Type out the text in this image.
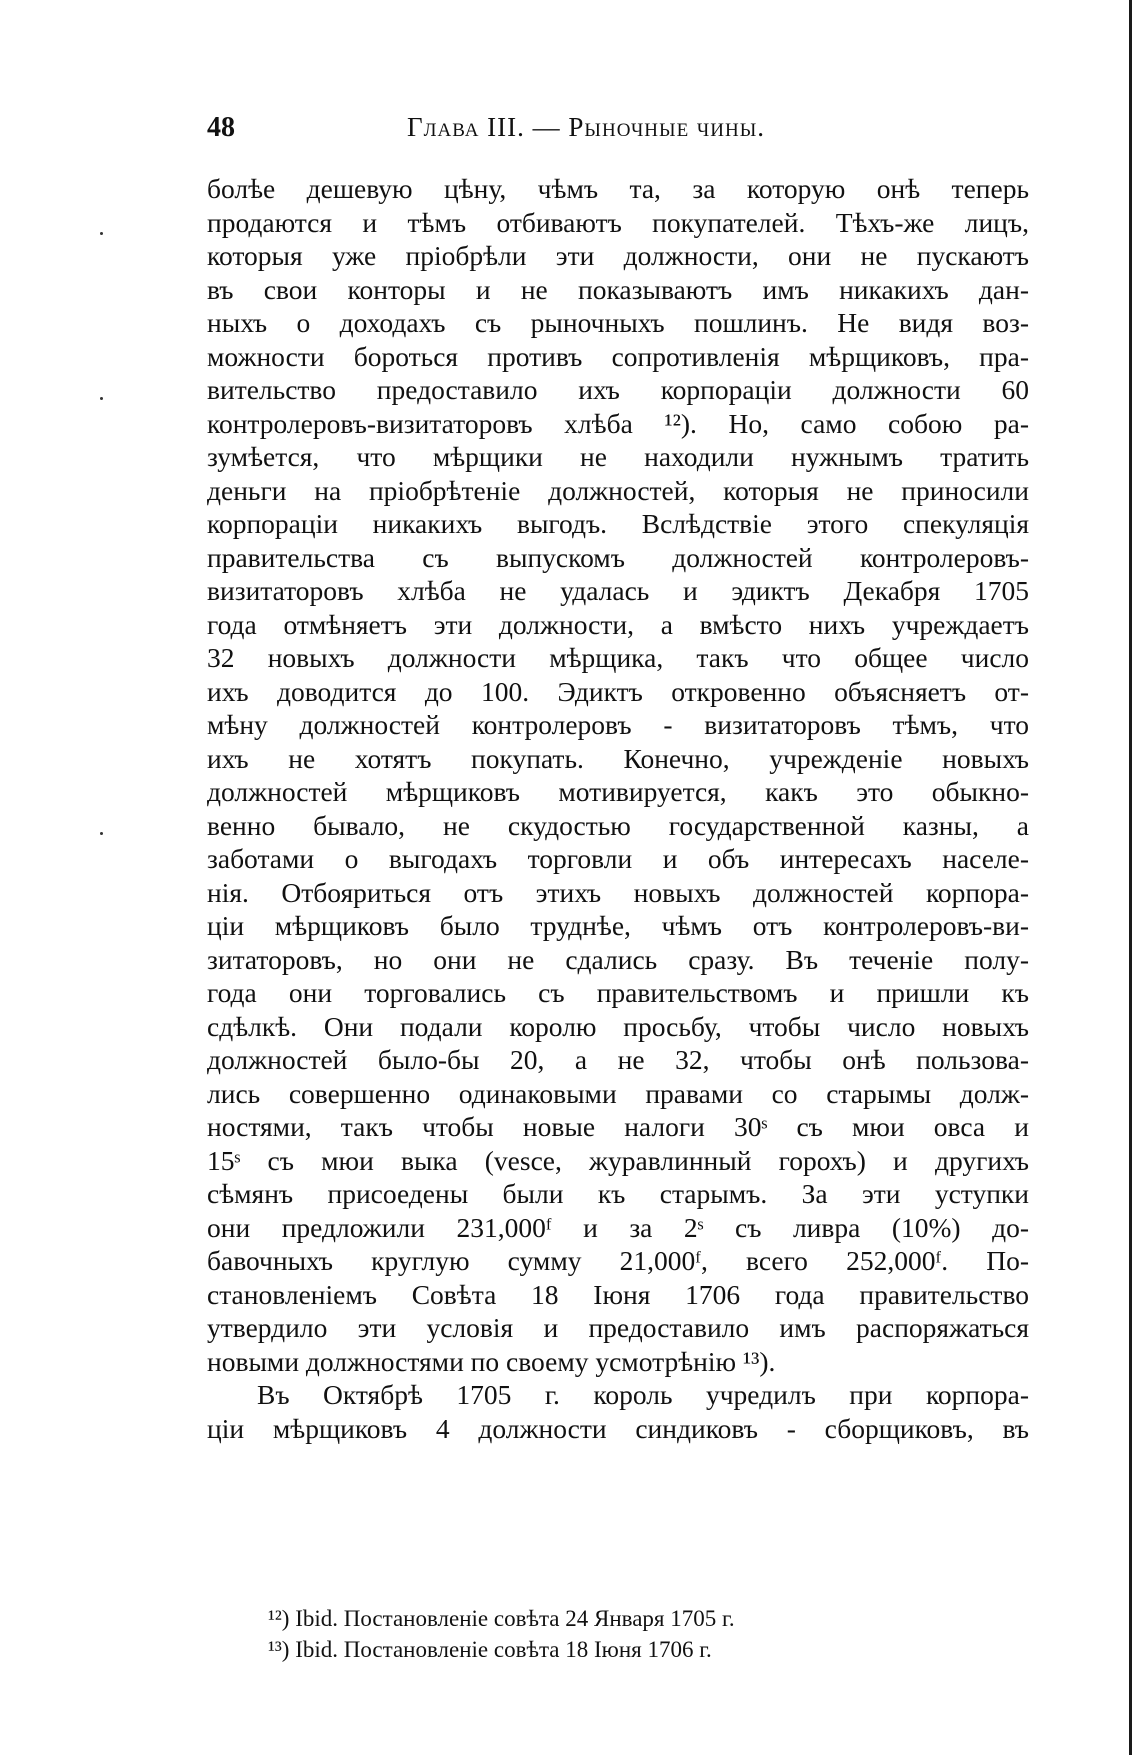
48	Глава III. — Рыночные чины.
болѣе дешевую цѣну, чѣмъ та, за которую онѣ теперь
продаются и тѣмъ отбиваютъ покупателей. Тѣхъ-же лицъ,
которыя уже пріобрѣли эти должности, они не пускаютъ
въ свои конторы и не показываютъ имъ никакихъ дан-
ныхъ о доходахъ съ рыночныхъ пошлинъ. Не видя воз-
можности бороться противъ сопротивленія мѣрщиковъ, пра-
вительство предоставило ихъ корпораціи должности 60
контролеровъ-визитаторовъ хлѣба ¹²). Но, само собою ра-
зумѣется, что мѣрщики не находили нужнымъ тратить
деньги на пріобрѣтеніе должностей, которыя не приносили
корпораціи никакихъ выгодъ. Вслѣдствіе этого спекуляція
правительства съ выпускомъ должностей контролеровъ-
визитаторовъ хлѣба не удалась и эдиктъ Декабря 1705
года отмѣняетъ эти должности, а вмѣсто нихъ учреждаетъ
32 новыхъ должности мѣрщика, такъ что общее число
ихъ доводится до 100. Эдиктъ откровенно объясняетъ от-
мѣну должностей контролеровъ - визитаторовъ тѣмъ, что
ихъ не хотятъ покупать. Конечно, учрежденіе новыхъ
должностей мѣрщиковъ мотивируется, какъ это обыкно-
венно бывало, не скудостью государственной казны, а
заботами о выгодахъ торговли и объ интересахъ населе-
нія. Отбояриться отъ этихъ новыхъ должностей корпора-
ціи мѣрщиковъ было труднѣе, чѣмъ отъ контролеровъ-ви-
зитаторовъ, но они не сдались сразу. Въ теченіе полу-
года они торговались съ правительствомъ и пришли къ
сдѣлкѣ. Они подали королю просьбу, чтобы число новыхъ
должностей было-бы 20, а не 32, чтобы онѣ пользова-
лись совершенно одинаковыми правами со старымы долж-
ностями, такъ чтобы новые налоги 30ˢ съ мюи овса и
15ˢ съ мюи выка (vesce, журавлинный горохъ) и другихъ
сѣмянъ присоедены были къ старымъ. За эти уступки
они предложили 231,000ᶠ и за 2ˢ съ ливра (10%) до-
бавочныхъ круглую сумму 21,000ᶠ, всего 252,000ᶠ. По-
становленіемъ Совѣта 18 Іюня 1706 года правительство
утвердило эти условія и предоставило имъ распоряжаться
новыми должностями по своему усмотрѣнію ¹³).
Въ Октябрѣ 1705 г. король учредилъ при корпора-
ціи мѣрщиковъ 4 должности синдиковъ - сборщиковъ, въ
¹²) Ibid. Постановленіе совѣта 24 Января 1705 г.
¹³) Ibid. Постановленіе совѣта 18 Іюня 1706 г.
